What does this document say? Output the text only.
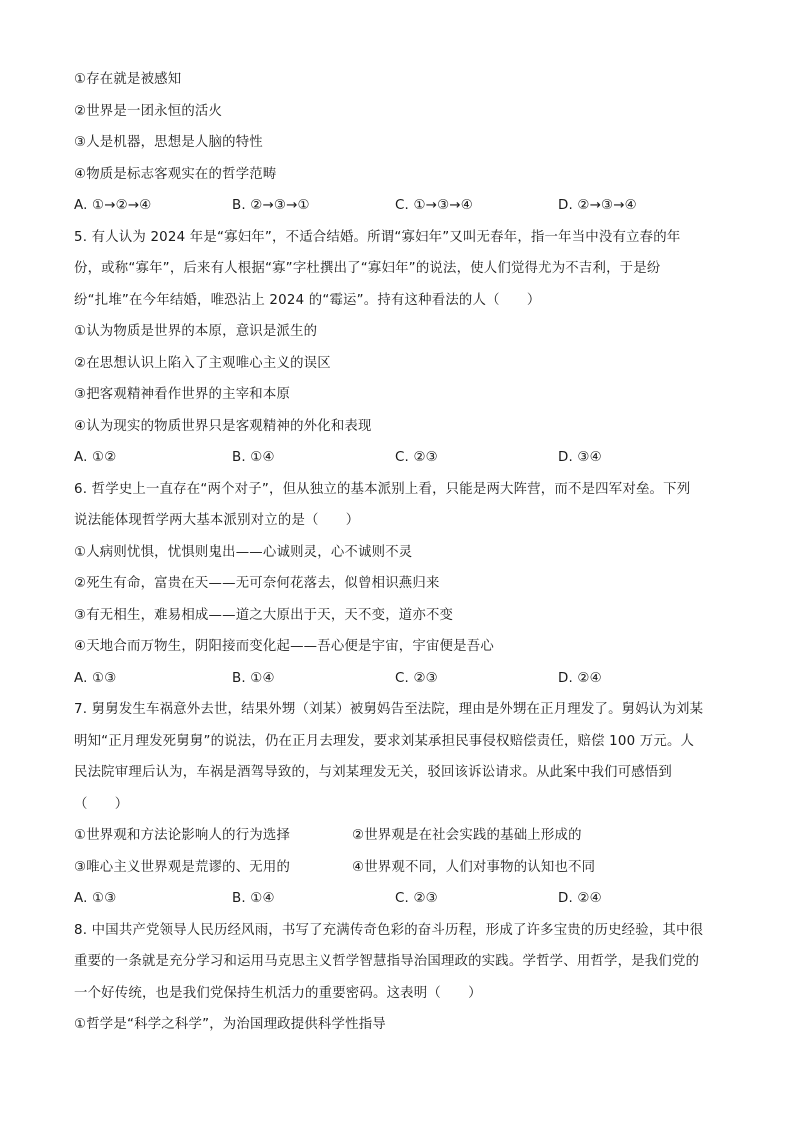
①存在就是被感知
②世界是一团永恒的活火
③人是机器，思想是人脑的特性
④物质是标志客观实在的哲学范畴
A. ①→②→④	B. ②→③→①	C. ①→③→④	D. ②→③→④
5. 有人认为 2024 年是“寡妇年”，不适合结婚。所谓“寡妇年”又叫无春年，指一年当中没有立春的年
份，或称“寡年”，后来有人根据“寡”字杜撰出了“寡妇年”的说法，使人们觉得尤为不吉利，于是纷
纷“扎堆”在今年结婚，唯恐沾上 2024 的“霉运”。持有这种看法的人（　　）
①认为物质是世界的本原，意识是派生的
②在思想认识上陷入了主观唯心主义的误区
③把客观精神看作世界的主宰和本原
④认为现实的物质世界只是客观精神的外化和表现
A. ①②	B. ①④	C. ②③	D. ③④
6. 哲学史上一直存在“两个对子”，但从独立的基本派别上看，只能是两大阵营，而不是四军对垒。下列
说法能体现哲学两大基本派别对立的是（　　）
①人病则忧惧，忧惧则鬼出——心诚则灵，心不诚则不灵
②死生有命，富贵在天——无可奈何花落去，似曾相识燕归来
③有无相生，难易相成——道之大原出于天，天不变，道亦不变
④天地合而万物生，阴阳接而变化起——吾心便是宇宙，宇宙便是吾心
A. ①③	B. ①④	C. ②③	D. ②④
7. 舅舅发生车祸意外去世，结果外甥（刘某）被舅妈告至法院，理由是外甥在正月理发了。舅妈认为刘某
明知“正月理发死舅舅”的说法，仍在正月去理发，要求刘某承担民事侵权赔偿责任，赔偿 100 万元。人
民法院审理后认为，车祸是酒驾导致的，与刘某理发无关，驳回该诉讼请求。从此案中我们可感悟到
（　　）
①世界观和方法论影响人的行为选择	②世界观是在社会实践的基础上形成的
③唯心主义世界观是荒谬的、无用的	④世界观不同，人们对事物的认知也不同
A. ①③	B. ①④	C. ②③	D. ②④
8. 中国共产党领导人民历经风雨，书写了充满传奇色彩的奋斗历程，形成了许多宝贵的历史经验，其中很
重要的一条就是充分学习和运用马克思主义哲学智慧指导治国理政的实践。学哲学、用哲学，是我们党的
一个好传统，也是我们党保持生机活力的重要密码。这表明（　　）
①哲学是“科学之科学”，为治国理政提供科学性指导
